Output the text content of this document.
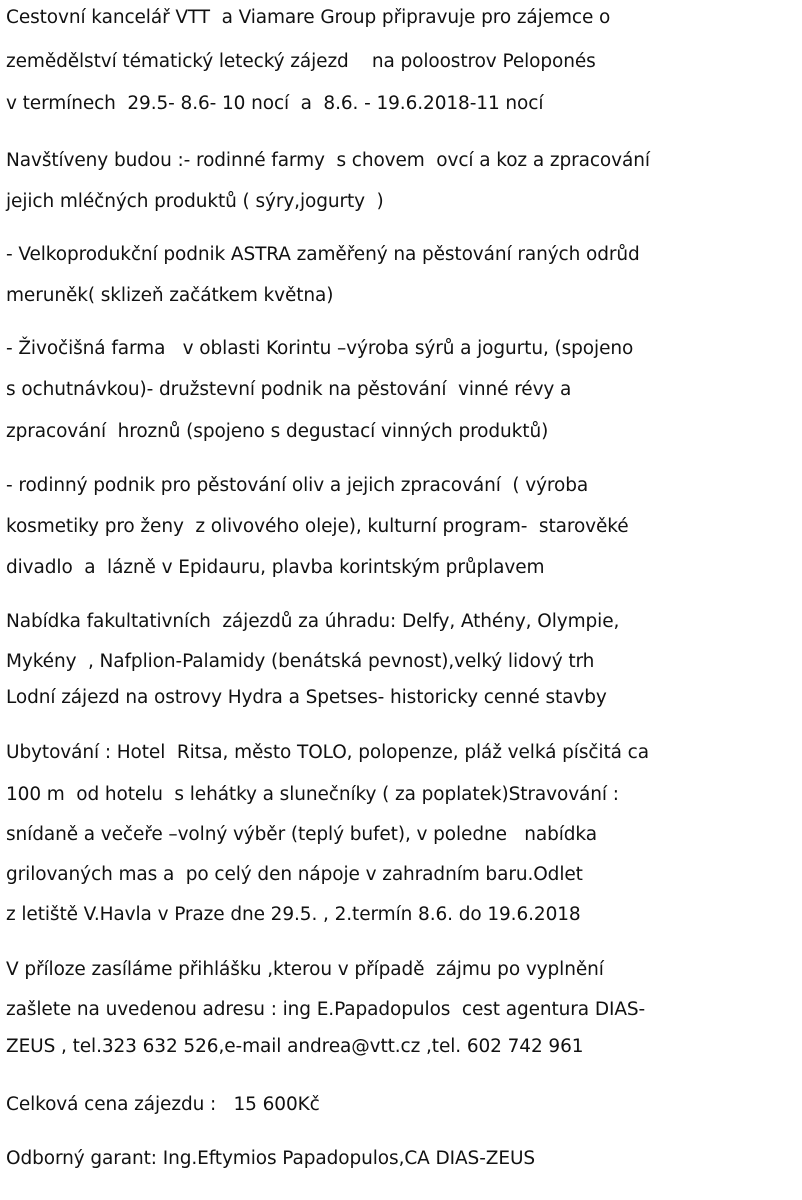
Cestovní kancelář VTT  a Viamare Group připravuje pro zájemce o
zemědělství tématický letecký zájezd    na poloostrov Peloponés
v termínech  29.5- 8.6- 10 nocí  a  8.6. - 19.6.2018-11 nocí
Navštíveny budou :- rodinné farmy  s chovem  ovcí a koz a zpracování
jejich mléčných produktů ( sýry,jogurty  )
- Velkoprodukční podnik ASTRA zaměřený na pěstování raných odrůd
meruněk( sklizeň začátkem května)
- Živočišná farma   v oblasti Korintu –výroba sýrů a jogurtu, (spojeno
s ochutnávkou)- družstevní podnik na pěstování  vinné révy a
zpracování  hroznů (spojeno s degustací vinných produktů)
- rodinný podnik pro pěstování oliv a jejich zpracování  ( výroba
kosmetiky pro ženy  z olivového oleje), kulturní program-  starověké
divadlo  a  lázně v Epidauru, plavba korintským průplavem
Nabídka fakultativních  zájezdů za úhradu: Delfy, Athény, Olympie,
Mykény  , Nafplion-Palamidy (benátská pevnost),velký lidový trh
Lodní zájezd na ostrovy Hydra a Spetses- historicky cenné stavby
Ubytování : Hotel  Ritsa, město TOLO, polopenze, pláž velká písčitá ca
100 m  od hotelu  s lehátky a slunečníky ( za poplatek)Stravování :
snídaně a večeře –volný výběr (teplý bufet), v poledne   nabídka
grilovaných mas a  po celý den nápoje v zahradním baru.Odlet
z letiště V.Havla v Praze dne 29.5. , 2.termín 8.6. do 19.6.2018
V příloze zasíláme přihlášku ,kterou v případě  zájmu po vyplnění
zašlete na uvedenou adresu : ing E.Papadopulos  cest agentura DIAS-
ZEUS , tel.323 632 526,e-mail andrea@vtt.cz ,tel. 602 742 961
Celková cena zájezdu :   15 600Kč
Odborný garant: Ing.Eftymios Papadopulos,CA DIAS-ZEUS
